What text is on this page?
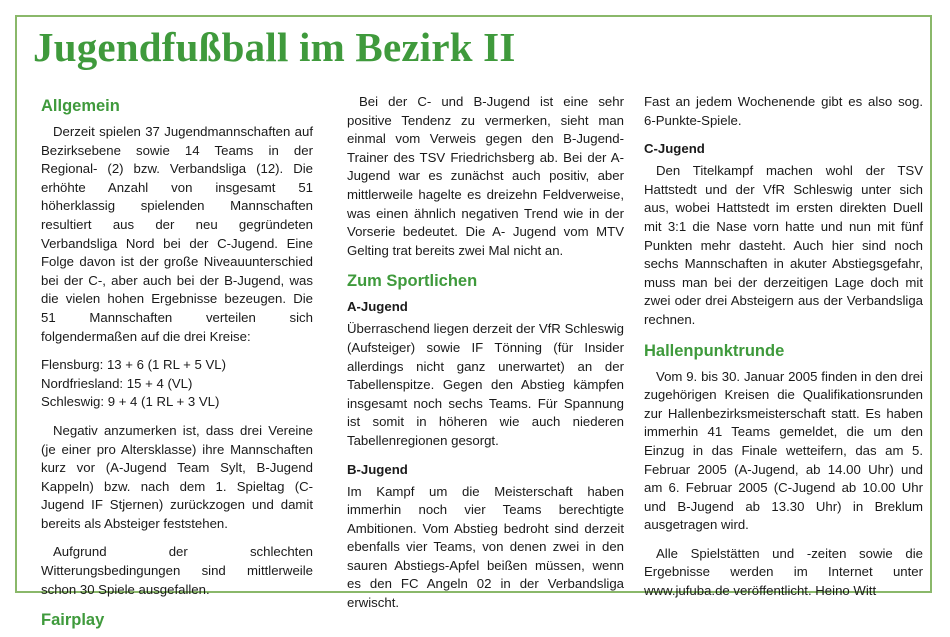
Jugendfußball im Bezirk II
Allgemein

Derzeit spielen 37 Jugendmannschaften auf Bezirksebene sowie 14 Teams in der Regional- (2) bzw. Verbandsliga (12). Die erhöhte Anzahl von insgesamt 51 höherklassig spielenden Mannschaften resultiert aus der neu gegründeten Verbandsliga Nord bei der C-Jugend. Eine Folge davon ist der große Niveauunterschied bei der C-, aber auch bei der B-Jugend, was die vielen hohen Ergebnisse bezeugen. Die 51 Mannschaften verteilen sich folgendermaßen auf die drei Kreise:

Flensburg: 13 + 6 (1 RL + 5 VL)
Nordfriesland: 15 + 4 (VL)
Schleswig: 9 + 4 (1 RL + 3 VL)

Negativ anzumerken ist, dass drei Vereine (je einer pro Altersklasse) ihre Mannschaften kurz vor (A-Jugend Team Sylt, B-Jugend Kappeln) bzw. nach dem 1. Spieltag (C-Jugend IF Stjernen) zurückzogen und damit bereits als Absteiger feststehen.

Aufgrund der schlechten Witterungsbedingungen sind mittlerweile schon 30 Spiele ausgefallen.

Fairplay

Bei der C- und B-Jugend ist eine sehr positive Tendenz zu vermerken, sieht man einmal vom Verweis gegen den B-Jugend-Trainer des TSV Friedrichsberg ab. Bei der A-Jugend war es zunächst auch positiv, aber mittlerweile hagelte es dreizehn Feldverweise, was einen ähnlich negativen Trend wie in der Vorserie bedeutet. Die A- Jugend vom MTV Gelting trat bereits zwei Mal nicht an.

Zum Sportlichen
A-Jugend

Überraschend liegen derzeit der VfR Schleswig (Aufsteiger) sowie IF Tönning (für Insider allerdings nicht ganz unerwartet) an der Tabellenspitze. Gegen den Abstieg kämpfen insgesamt noch sechs Teams. Für Spannung ist somit in höheren wie auch niederen Tabellenregionen gesorgt.

B-Jugend

Im Kampf um die Meisterschaft haben immerhin noch vier Teams berechtigte Ambitionen. Vom Abstieg bedroht sind derzeit ebenfalls vier Teams, von denen zwei in den sauren Abstiegs-Apfel beißen müssen, wenn es den FC Angeln 02 in der Verbandsliga erwischt.

Fast an jedem Wochenende gibt es also sog. 6-Punkte-Spiele.

C-Jugend

Den Titelkampf machen wohl der TSV Hattstedt und der VfR Schleswig unter sich aus, wobei Hattstedt im ersten direkten Duell mit 3:1 die Nase vorn hatte und nun mit fünf Punkten mehr dasteht. Auch hier sind noch sechs Mannschaften in akuter Abstiegsgefahr, muss man bei der derzeitigen Lage doch mit zwei oder drei Absteigern aus der Verbandsliga rechnen.

Hallenpunktrunde

Vom 9. bis 30. Januar 2005 finden in den drei zugehörigen Kreisen die Qualifikationsrunden zur Hallenbezirksmeisterschaft statt. Es haben immerhin 41 Teams gemeldet, die um den Einzug in das Finale wetteifern, das am 5. Februar 2005 (A-Jugend, ab 14.00 Uhr) und am 6. Februar 2005 (C-Jugend ab 10.00 Uhr und B-Jugend ab 13.30 Uhr) in Breklum ausgetragen wird.

Alle Spielstätten und -zeiten sowie die Ergebnisse werden im Internet unter www.jufuba.de veröffentlicht. Heino Witt
